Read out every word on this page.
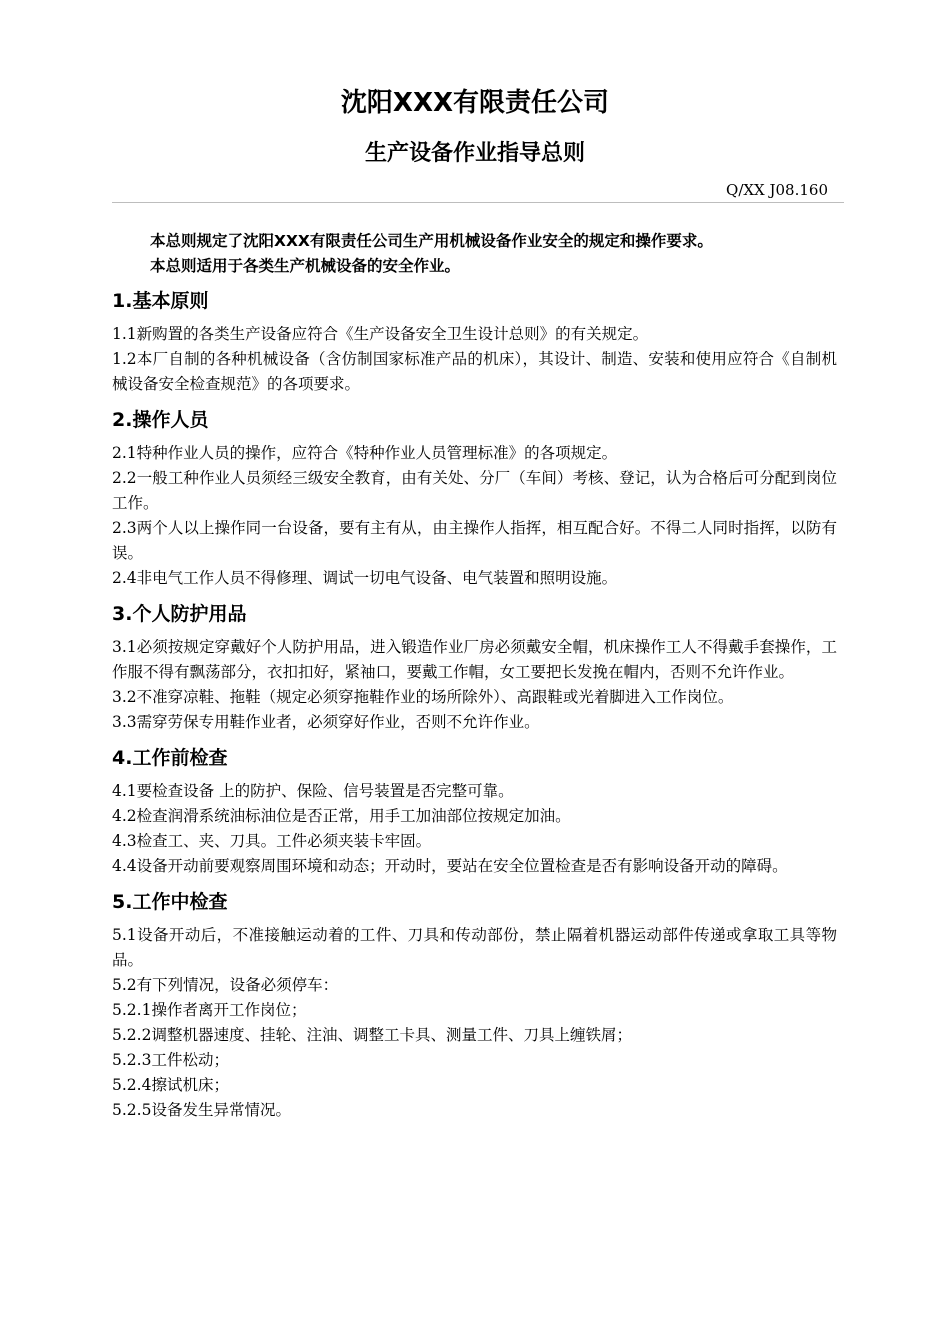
沈阳XXX有限责任公司
生产设备作业指导总则
Q/XX J08.160

本总则规定了沈阳XXX有限责任公司生产用机械设备作业安全的规定和操作要求。

本总则适用于各类生产机械设备的安全作业。

1.基本原则

1.1新购置的各类生产设备应符合《生产设备安全卫生设计总则》的有关规定。

1.2本厂自制的各种机械设备（含仿制国家标准产品的机床），其设计、制造、安装和使用应符合《自制机械设备安全检查规范》的各项要求。

2.操作人员

2.1特种作业人员的操作，应符合《特种作业人员管理标准》的各项规定。

2.2一般工种作业人员须经三级安全教育，由有关处、分厂（车间）考核、登记，认为合格后可分配到岗位工作。

2.3两个人以上操作同一台设备，要有主有从，由主操作人指挥，相互配合好。不得二人同时指挥，以防有误。

2.4非电气工作人员不得修理、调试一切电气设备、电气装置和照明设施。

3.个人防护用品

3.1必须按规定穿戴好个人防护用品，进入锻造作业厂房必须戴安全帽，机床操作工人不得戴手套操作，工作服不得有飘荡部分，衣扣扣好，紧袖口，要戴工作帽，女工要把长发挽在帽内，否则不允许作业。

3.2不准穿凉鞋、拖鞋（规定必须穿拖鞋作业的场所除外）、高跟鞋或光着脚进入工作岗位。

3.3需穿劳保专用鞋作业者，必须穿好作业，否则不允许作业。

4.工作前检查

4.1要检查设备 上的防护、保险、信号装置是否完整可靠。

4.2检查润滑系统油标油位是否正常，用手工加油部位按规定加油。

4.3检查工、夹、刀具。工件必须夹装卡牢固。

4.4设备开动前要观察周围环境和动态；开动时，要站在安全位置检查是否有影响设备开动的障碍。

5.工作中检查

5.1设备开动后，不准接触运动着的工件、刀具和传动部份，禁止隔着机器运动部件传递或拿取工具等物品。

5.2有下列情况，设备必须停车：

5.2.1操作者离开工作岗位；

5.2.2调整机器速度、挂轮、注油、调整工卡具、测量工件、刀具上缠铁屑；

5.2.3工件松动；

5.2.4擦试机床；

5.2.5设备发生异常情况。
